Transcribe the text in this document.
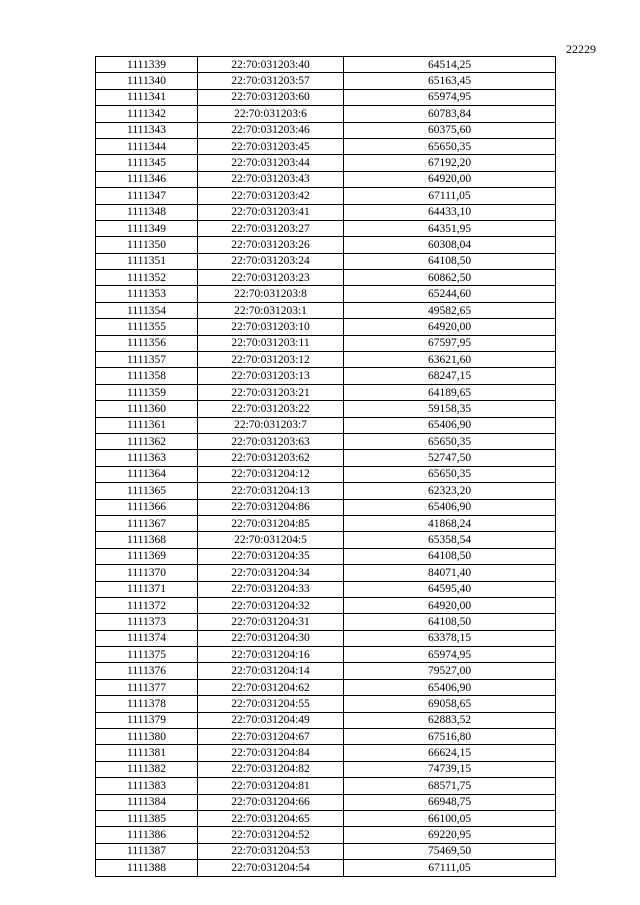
22229
1111339	22:70:031203:40	64514,25
1111340	22:70:031203:57	65163,45
1111341	22:70:031203:60	65974,95
1111342	22:70:031203:6	60783,84
1111343	22:70:031203:46	60375,60
1111344	22:70:031203:45	65650,35
1111345	22:70:031203:44	67192,20
1111346	22:70:031203:43	64920,00
1111347	22:70:031203:42	67111,05
1111348	22:70:031203:41	64433,10
1111349	22:70:031203:27	64351,95
1111350	22:70:031203:26	60308,04
1111351	22:70:031203:24	64108,50
1111352	22:70:031203:23	60862,50
1111353	22:70:031203:8	65244,60
1111354	22:70:031203:1	49582,65
1111355	22:70:031203:10	64920,00
1111356	22:70:031203:11	67597,95
1111357	22:70:031203:12	63621,60
1111358	22:70:031203:13	68247,15
1111359	22:70:031203:21	64189,65
1111360	22:70:031203:22	59158,35
1111361	22:70:031203:7	65406,90
1111362	22:70:031203:63	65650,35
1111363	22:70:031203:62	52747,50
1111364	22:70:031204:12	65650,35
1111365	22:70:031204:13	62323,20
1111366	22:70:031204:86	65406,90
1111367	22:70:031204:85	41868,24
1111368	22:70:031204:5	65358,54
1111369	22:70:031204:35	64108,50
1111370	22:70:031204:34	84071,40
1111371	22:70:031204:33	64595,40
1111372	22:70:031204:32	64920,00
1111373	22:70:031204:31	64108,50
1111374	22:70:031204:30	63378,15
1111375	22:70:031204:16	65974,95
1111376	22:70:031204:14	79527,00
1111377	22:70:031204:62	65406,90
1111378	22:70:031204:55	69058,65
1111379	22:70:031204:49	62883,52
1111380	22:70:031204:67	67516,80
1111381	22:70:031204:84	66624,15
1111382	22:70:031204:82	74739,15
1111383	22:70:031204:81	68571,75
1111384	22:70:031204:66	66948,75
1111385	22:70:031204:65	66100,05
1111386	22:70:031204:52	69220,95
1111387	22:70:031204:53	75469,50
1111388	22:70:031204:54	67111,05
